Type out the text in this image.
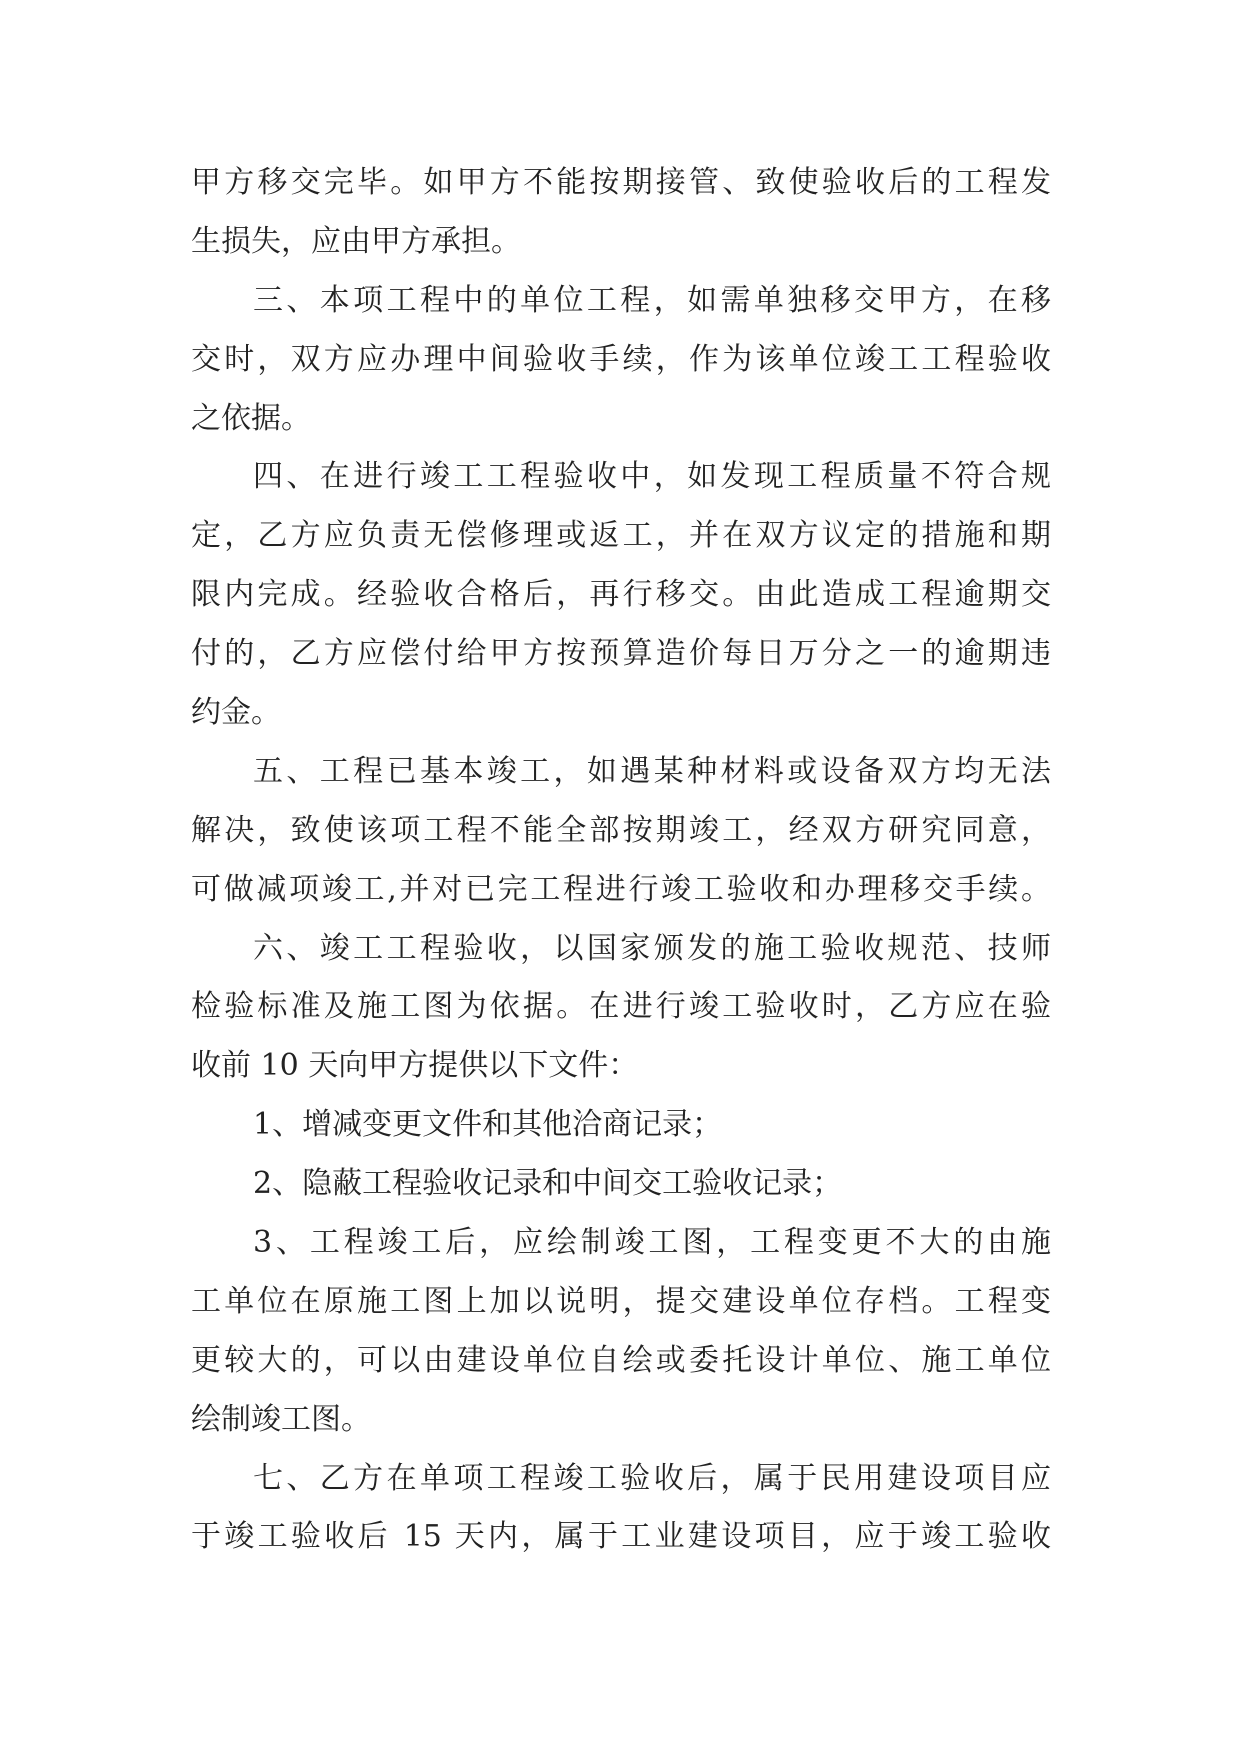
甲方移交完毕。如甲方不能按期接管、致使验收后的工程发
生损失，应由甲方承担。
三、本项工程中的单位工程，如需单独移交甲方，在移
交时，双方应办理中间验收手续，作为该单位竣工工程验收
之依据。
四、在进行竣工工程验收中，如发现工程质量不符合规
定，乙方应负责无偿修理或返工，并在双方议定的措施和期
限内完成。经验收合格后，再行移交。由此造成工程逾期交
付的，乙方应偿付给甲方按预算造价每日万分之一的逾期违
约金。
五、工程已基本竣工，如遇某种材料或设备双方均无法
解决，致使该项工程不能全部按期竣工，经双方研究同意，
可做减项竣工,并对已完工程进行竣工验收和办理移交手续。
六、竣工工程验收，以国家颁发的施工验收规范、技师
检验标准及施工图为依据。在进行竣工验收时，乙方应在验
收前 10 天向甲方提供以下文件：
1、增减变更文件和其他洽商记录；
2、隐蔽工程验收记录和中间交工验收记录；
3、工程竣工后，应绘制竣工图，工程变更不大的由施
工单位在原施工图上加以说明，提交建设单位存档。工程变
更较大的，可以由建设单位自绘或委托设计单位、施工单位
绘制竣工图。
七、乙方在单项工程竣工验收后，属于民用建设项目应
于竣工验收后 15 天内，属于工业建设项目，应于竣工验收
